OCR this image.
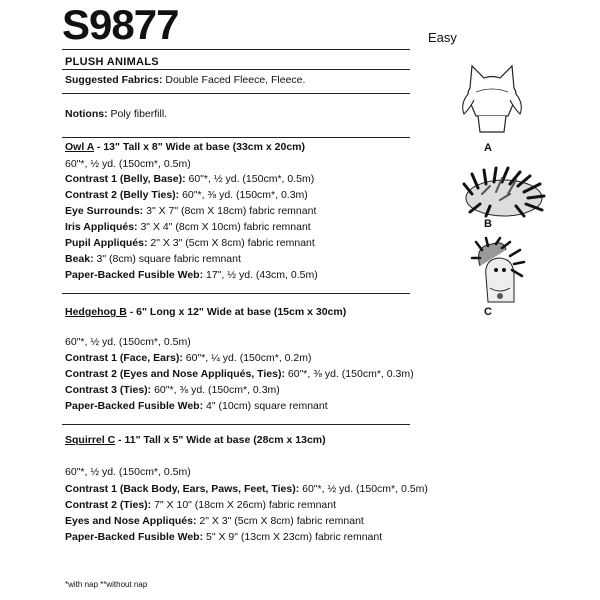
S9877	Easy
PLUSH ANIMALS
Suggested Fabrics: Double Faced Fleece, Fleece.
Notions: Poly fiberfill.
Owl A - 13" Tall x 8" Wide at base (33cm x 20cm)
60"*, ½ yd. (150cm*, 0.5m)
Contrast 1 (Belly, Base): 60"*, ½ yd. (150cm*, 0.5m)
Contrast 2 (Belly Ties): 60"*, ⅜ yd. (150cm*, 0.3m)
Eye Surrounds: 3" X 7" (8cm X 18cm) fabric remnant
Iris Appliqués: 3" X 4" (8cm X 10cm) fabric remnant
Pupil Appliqués: 2" X 3" (5cm X 8cm) fabric remnant
Beak: 3" (8cm) square fabric remnant
Paper-Backed Fusible Web: 17", ½ yd. (43cm, 0.5m)
Hedgehog B - 6" Long x 12" Wide at base (15cm x 30cm)
60"*, ½ yd. (150cm*, 0.5m)
Contrast 1 (Face, Ears): 60"*, ¼ yd. (150cm*, 0.2m)
Contrast 2 (Eyes and Nose Appliqués, Ties): 60"*, ⅜ yd. (150cm*, 0.3m)
Contrast 3 (Ties): 60"*, ⅜ yd. (150cm*, 0.3m)
Paper-Backed Fusible Web: 4" (10cm) square remnant
Squirrel C - 11" Tall x 5" Wide at base (28cm x 13cm)
60"*, ½ yd. (150cm*, 0.5m)
Contrast 1 (Back Body, Ears, Paws, Feet, Ties): 60"*, ½ yd. (150cm*, 0.5m)
Contrast 2 (Ties): 7" X 10" (18cm X 26cm) fabric remnant
Eyes and Nose Appliqués: 2" X 3" (5cm X 8cm) fabric remnant
Paper-Backed Fusible Web: 5" X 9" (13cm X 23cm) fabric remnant
*with nap **without nap
A
B
C
